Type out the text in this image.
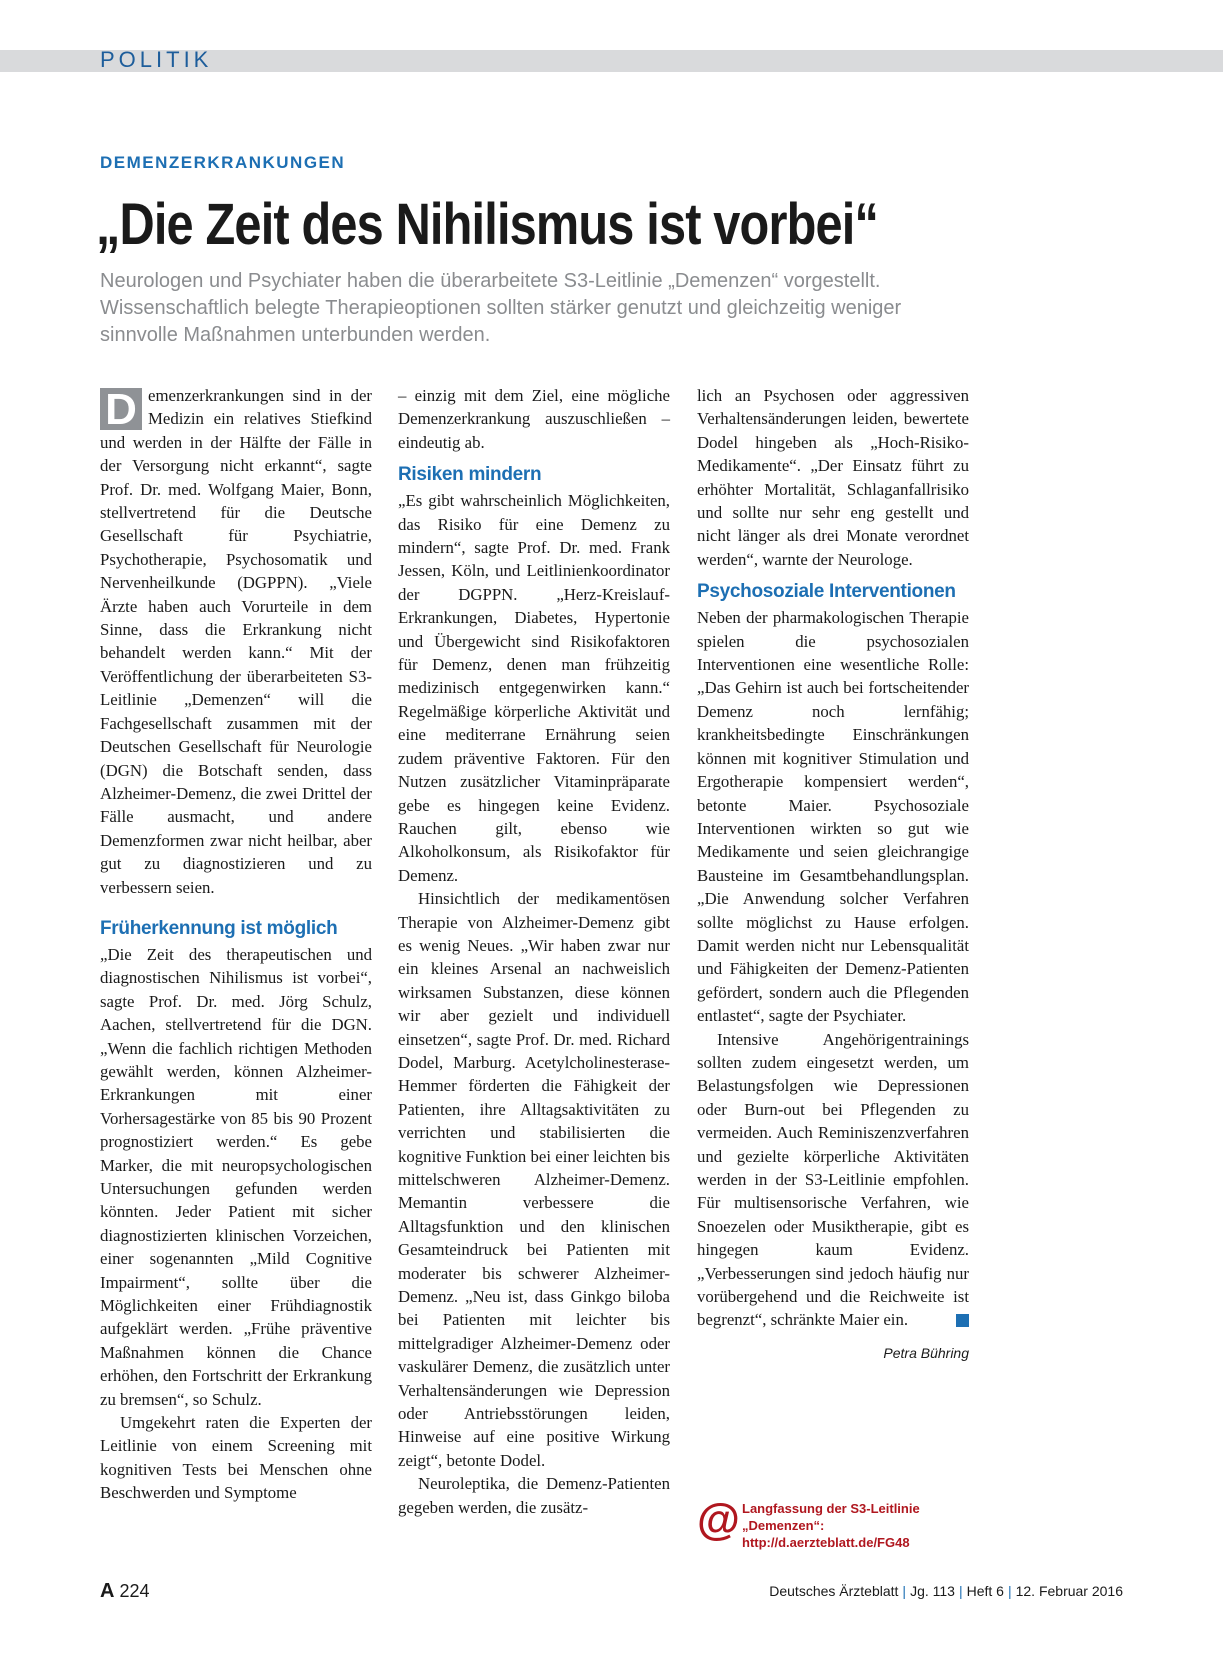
POLITIK
DEMENZERKRANKUNGEN
„Die Zeit des Nihilismus ist vorbei“

Neurologen und Psychiater haben die überarbeitete S3-Leitlinie „Demenzen“ vorgestellt. Wissenschaftlich belegte Therapieoptionen sollten stärker genutzt und gleichzeitig weniger sinnvolle Maßnahmen unterbunden werden.

D emenzerkrankungen sind in der Medizin ein relatives Stiefkind und werden in der Hälfte der Fälle in der Versorgung nicht erkannt“, sagte Prof. Dr. med. Wolfgang Maier, Bonn, stellvertretend für die Deutsche Gesellschaft für Psychiatrie, Psychotherapie, Psychosomatik und Nervenheilkunde (DGPPN). „Viele Ärzte haben auch Vorurteile in dem Sinne, dass die Erkrankung nicht behandelt werden kann.“ Mit der Veröffentlichung der überarbeiteten S3-Leitlinie „Demenzen“ will die Fachgesellschaft zusammen mit der Deutschen Gesellschaft für Neurologie (DGN) die Botschaft senden, dass Alzheimer-Demenz, die zwei Drittel der Fälle ausmacht, und andere Demenzformen zwar nicht heilbar, aber gut zu diagnostizieren und zu verbessern seien.

Früherkennung ist möglich

„Die Zeit des therapeutischen und diagnostischen Nihilismus ist vorbei“, sagte Prof. Dr. med. Jörg Schulz, Aachen, stellvertretend für die DGN. „Wenn die fachlich richtigen Methoden gewählt werden, können Alzheimer-Erkrankungen mit einer Vorhersagestärke von 85 bis 90 Prozent prognostiziert werden.“ Es gebe Marker, die mit neuropsychologischen Untersuchungen gefunden werden könnten. Jeder Patient mit sicher diagnostizierten klinischen Vorzeichen, einer sogenannten „Mild Cognitive Impairment“, sollte über die Möglichkeiten einer Frühdiagnostik aufgeklärt werden. „Frühe präventive Maßnahmen können die Chance erhöhen, den Fortschritt der Erkrankung zu bremsen“, so Schulz.

Umgekehrt raten die Experten der Leitlinie von einem Screening mit kognitiven Tests bei Menschen ohne Beschwerden und Symptome

– einzig mit dem Ziel, eine mögliche Demenzerkrankung auszuschließen – eindeutig ab.

Risiken mindern

„Es gibt wahrscheinlich Möglichkeiten, das Risiko für eine Demenz zu mindern“, sagte Prof. Dr. med. Frank Jessen, Köln, und Leitlinienkoordinator der DGPPN. „Herz-Kreislauf-Erkrankungen, Diabetes, Hypertonie und Übergewicht sind Risikofaktoren für Demenz, denen man frühzeitig medizinisch entgegenwirken kann.“ Regelmäßige körperliche Aktivität und eine mediterrane Ernährung seien zudem präventive Faktoren. Für den Nutzen zusätzlicher Vitaminpräparate gebe es hingegen keine Evidenz. Rauchen gilt, ebenso wie Alkoholkonsum, als Risikofaktor für Demenz.

Hinsichtlich der medikamentösen Therapie von Alzheimer-Demenz gibt es wenig Neues. „Wir haben zwar nur ein kleines Arsenal an nachweislich wirksamen Substanzen, diese können wir aber gezielt und individuell einsetzen“, sagte Prof. Dr. med. Richard Dodel, Marburg. Acetylcholinesterase-Hemmer förderten die Fähigkeit der Patienten, ihre Alltagsaktivitäten zu verrichten und stabilisierten die kognitive Funktion bei einer leichten bis mittelschweren Alzheimer-Demenz. Memantin verbessere die Alltagsfunktion und den klinischen Gesamteindruck bei Patienten mit moderater bis schwerer Alzheimer-Demenz. „Neu ist, dass Ginkgo biloba bei Patienten mit leichter bis mittelgradiger Alzheimer-Demenz oder vaskulärer Demenz, die zusätzlich unter Verhaltensänderungen wie Depression oder Antriebsstörungen leiden, Hinweise auf eine positive Wirkung zeigt“, betonte Dodel.

Neuroleptika, die Demenz-Patienten gegeben werden, die zusätz-

lich an Psychosen oder aggressiven Verhaltensänderungen leiden, bewertete Dodel hingeben als „Hoch-Risiko-Medikamente“. „Der Einsatz führt zu erhöhter Mortalität, Schlaganfallrisiko und sollte nur sehr eng gestellt und nicht länger als drei Monate verordnet werden“, warnte der Neurologe.

Psychosoziale Interventionen

Neben der pharmakologischen Therapie spielen die psychosozialen Interventionen eine wesentliche Rolle: „Das Gehirn ist auch bei fortscheitender Demenz noch lernfähig; krankheitsbedingte Einschränkungen können mit kognitiver Stimulation und Ergotherapie kompensiert werden“, betonte Maier. Psychosoziale Interventionen wirkten so gut wie Medikamente und seien gleichrangige Bausteine im Gesamtbehandlungsplan. „Die Anwendung solcher Verfahren sollte möglichst zu Hause erfolgen. Damit werden nicht nur Lebensqualität und Fähigkeiten der Demenz-Patienten gefördert, sondern auch die Pflegenden entlastet“, sagte der Psychiater.

Intensive Angehörigentrainings sollten zudem eingesetzt werden, um Belastungsfolgen wie Depressionen oder Burn-out bei Pflegenden zu vermeiden. Auch Reminiszenzverfahren und gezielte körperliche Aktivitäten werden in der S3-Leitlinie empfohlen. Für multisensorische Verfahren, wie Snoezelen oder Musiktherapie, gibt es hingegen kaum Evidenz. „Verbesserungen sind jedoch häufig nur vorübergehend und die Reichweite ist begrenzt“, schränkte Maier ein.

Petra Bühring

@ Langfassung der S3-Leitlinie
„Demenzen“:
http://d.aerzteblatt.de/FG48
A 224	Deutsches Ärzteblatt | Jg. 113 | Heft 6 | 12. Februar 2016
